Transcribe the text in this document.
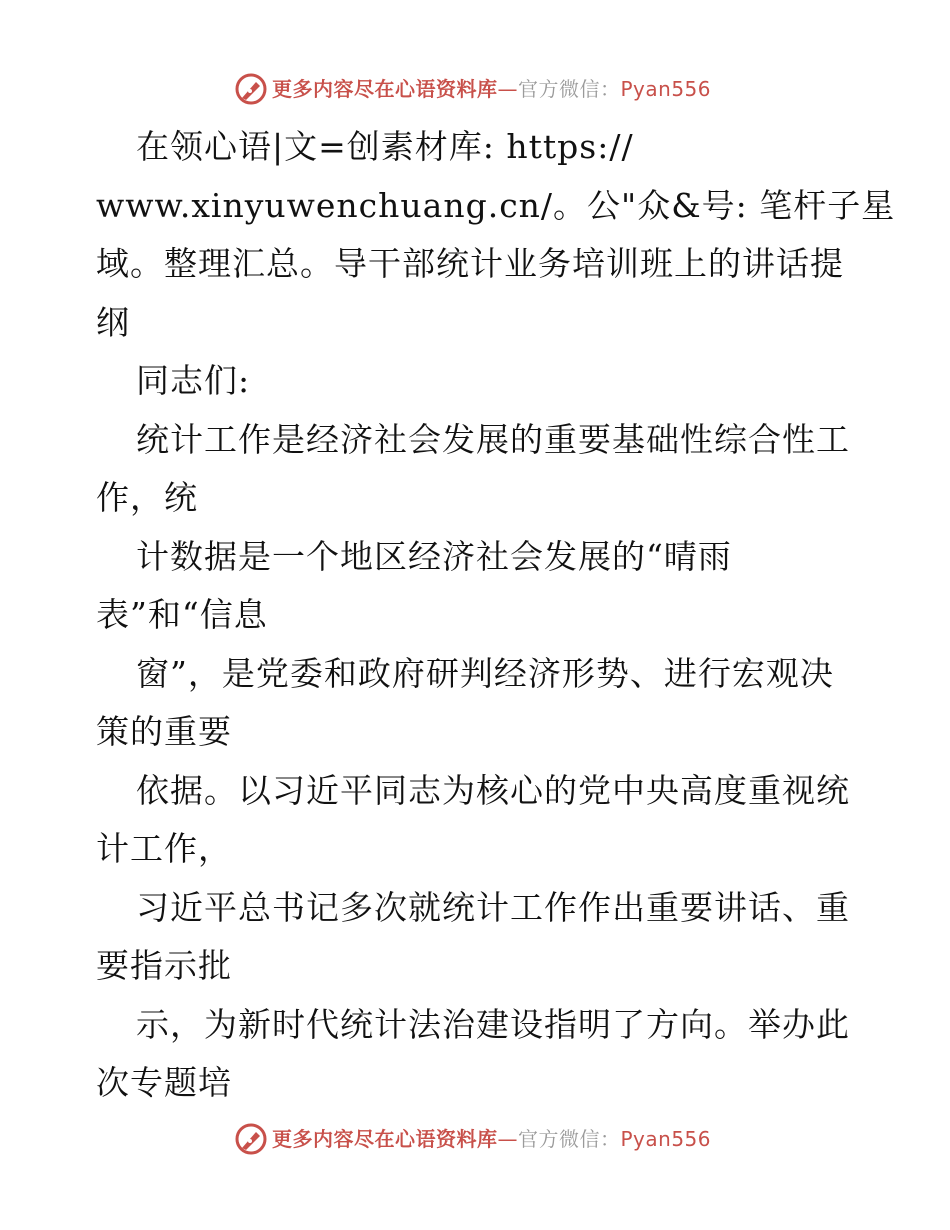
更多内容尽在心语资料库—官方微信：Pyan556

在领心语|文=创素材库: https://

www.xinyuwenchuang.cn/。公"众&号: 笔杆子星

域。整理汇总。导干部统计业务培训班上的讲话提

纲

同志们:

统计工作是经济社会发展的重要基础性综合性工

作，统

计数据是一个地区经济社会发展的“晴雨

表”和“信息

窗”，是党委和政府研判经济形势、进行宏观决

策的重要

依据。以习近平同志为核心的党中央高度重视统

计工作，

习近平总书记多次就统计工作作出重要讲话、重

要指示批

示，为新时代统计法治建设指明了方向。举办此

次专题培

更多内容尽在心语资料库—官方微信：Pyan556
